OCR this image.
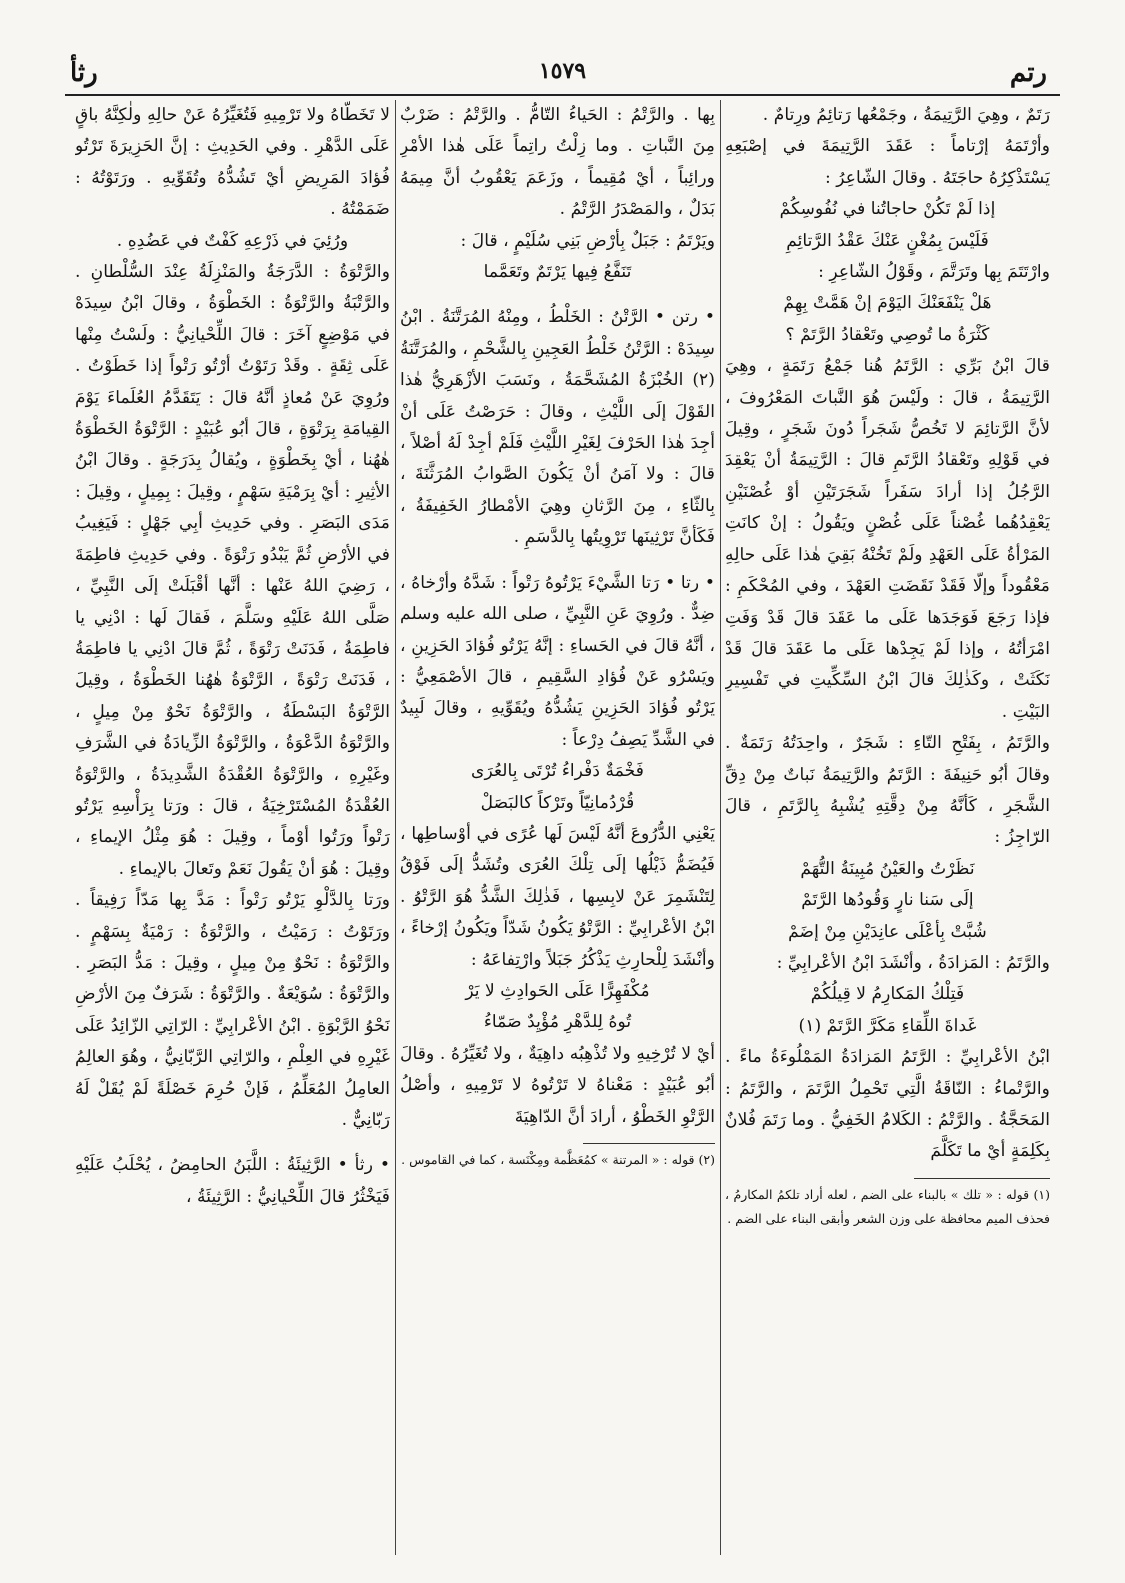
رتم
١٥٧٩
رثأ

رَتَمٌ ، وهِيَ الرَّتِيمَةُ ، وجَمْعُها رَتائِمُ ورِتامٌ .

وأرْتَمَهُ إرْتاماً : عَقَدَ الرَّتِيمَةَ في إصْبَعِهِ يَسْتَذْكِرُهُ حاجَتَهُ . وقالَ الشّاعِرُ :

إذا لَمْ تَكُنْ حاجاتُنا في نُفُوسِكُمْ

فَلَيْسَ بِمُغْنٍ عَنْكَ عَقْدُ الرَّتائِمِ

وارْتَتَمَ بِها وتَرَتَّمَ ، وقَوْلُ الشّاعِرِ :

هَلْ يَنْفَعَنْكَ اليَوْمَ إنْ هَمَّتْ بِهِمْ

كَثْرَةُ ما تُوصِي وتَعْقادُ الرَّتَمْ ؟

قالَ ابْنُ بَرِّي : الرَّتَمُ هُنا جَمْعُ رَتَمَةٍ ، وهِيَ الرَّتِيمَةُ ، قالَ : ولَيْسَ هُوَ النَّباتَ المَعْرُوفَ ، لأنَّ الرَّتائِمَ لا تَخُصُّ شَجَراً دُونَ شَجَرٍ ، وقِيلَ في قَوْلِهِ وتَعْقادُ الرَّتَمِ قالَ : الرَّتِيمَةُ أنْ يَعْقِدَ الرَّجُلُ إذا أرادَ سَفَراً شَجَرَتَيْنِ أوْ غُصْنَيْنِ يَعْقِدُهُما غُصْناً عَلَى غُصْنٍ ويَقُولُ : إنْ كانَتِ المَرْأةُ عَلَى العَهْدِ ولَمْ تَخُنْهُ بَقِيَ هٰذا عَلَى حالِهِ مَعْقُوداً وإلّا فَقَدْ نَقَضَتِ العَهْدَ ، وفي المُحْكَمِ : فإذا رَجَعَ فَوَجَدَها عَلَى ما عَقَدَ قالَ قَدْ وَفَتِ امْرَأتُهُ ، وإذا لَمْ يَجِدْها عَلَى ما عَقَدَ قالَ قَدْ نَكَثَتْ ، وكَذٰلِكَ قالَ ابْنُ السِّكِّيتِ في تَفْسِيرِ البَيْتِ .

والرَّتَمُ ، بِفَتْحِ التّاءِ : شَجَرٌ ، واحِدَتُهُ رَتَمَةٌ . وقالَ أبُو حَنِيفَةَ : الرَّتَمُ والرَّتِيمَةُ نَباتٌ مِنْ دِقِّ الشَّجَرِ ، كَأنَّهُ مِنْ دِقَّتِهِ يُشْبِهُ بِالرَّتَمِ ، قالَ الرّاجِزُ :

نَظَرْتُ والعَيْنُ مُبِينَةُ التُّهَمْ

إلَى سَنا نارٍ وَقُودُها الرَّتَمْ

شُبَّتْ بِأعْلَى عانِدَيْنِ مِنْ إضَمْ

والرَّتَمُ : المَزادَةُ ، وأنْشَدَ ابْنُ الأعْرابِيِّ :

فَتِلْكُ المَكارِمُ لا قِيلُكُمْ

غَداةَ اللِّقاءِ مَكَرَّ الرَّتَمْ (١)

ابْنُ الأعْرابِيِّ : الرَّتَمُ المَزادَةُ المَمْلُوءَةُ ماءً . والرَّتْماءُ : النّاقَةُ الَّتِي تَحْمِلُ الرَّتَمَ ، والرَّتَمُ : المَحَجَّةُ . والرَّتْمُ : الكَلامُ الخَفِيُّ . وما رَتَمَ فُلانٌ بِكَلِمَةٍ أيْ ما تَكَلَّمَ

(١) قوله : « تلك » بالبناء على الضم ، لعله أراد تلكمُ المكارمُ ، فحذف الميم محافظة على وزن الشعر وأبقى البناء على الضم .

بِها . والرَّتْمُ : الحَياءُ التّامُّ . والرَّتْمُ : ضَرْبٌ مِنَ النَّباتِ . وما زِلْتُ راتِماً عَلَى هٰذا الأمْرِ ورائِباً ، أيْ مُقِيماً ، وزَعَمَ يَعْقُوبُ أنَّ مِيمَهُ بَدَلٌ ، والمَصْدَرُ الرَّتْمُ .

ويَرْتَمُ : جَبَلٌ بِأرْضِ بَنِي سُلَيْمٍ ، قالَ :

تَنَفَّعُ فِيها يَرْتَمٌ وتَعَمَّما

• رتن • الرَّتْنُ : الخَلْطُ ، ومِنْهُ المُرَتَّنَةُ . ابْنُ سِيدَهْ : الرَّتْنُ خَلْطُ العَجِينِ بِالشَّحْمِ ، والمُرَتَّنَةُ (٢) الخُبْزَةُ المُشَحَّمَةُ ، ونَسَبَ الأزْهَرِيُّ هٰذا القَوْلَ إلَى اللَّيْثِ ، وقالَ : حَرَصْتُ عَلَى أنْ أجِدَ هٰذا الحَرْفَ لِغَيْرِ اللَّيْثِ فَلَمْ أجِدْ لَهُ أصْلاً ، قالَ : ولا آمَنُ أنْ يَكُونَ الصَّوابُ المُرَثَّنَةَ ، بِالثّاءِ ، مِنَ الرَّثانِ وهِيَ الأمْطارُ الخَفِيفَةُ ، فَكَأنَّ تَرْثِينَها تَرْوِيتُها بِالدَّسَمِ .

• رتا • رَتا الشَّيْءَ يَرْتُوهُ رَتْواً : شَدَّهُ وأرْخاهُ ، ضِدٌّ . ورُوِيَ عَنِ النَّبِيِّ ، صلى الله عليه وسلم ، أنَّهُ قالَ في الحَساءِ : إنَّهُ يَرْتُو فُؤادَ الحَزِينِ ، ويَسْرُو عَنْ فُؤادِ السَّقِيمِ ، قالَ الأصْمَعِيُّ : يَرْتُو فُؤادَ الحَزِينِ يَشُدُّهُ ويُقَوِّيهِ ، وقالَ لَبِيدٌ في الشَّدِّ يَصِفُ دِرْعاً :

فَخْمَةٌ دَفْراءُ تُرْتَى بِالعُرَى

قُرْدُمانِيّاً وتَرْكاً كالبَصَلْ

يَعْنِي الدُّرُوعَ أنَّهُ لَيْسَ لَها عُرًى في أوْساطِها ، فَيُضَمُّ ذَيْلُها إلَى تِلْكَ العُرَى وتُشَدُّ إلَى فَوْقُ لِتَنْشَمِرَ عَنْ لابِسِها ، فَذٰلِكَ الشَّدُّ هُوَ الرَّتْوُ . ابْنُ الأعْرابِيِّ : الرَّتْوُ يَكُونُ شَدّاً ويَكُونُ إرْخاءً ، وأنْشَدَ لِلْحارِثِ يَذْكُرُ جَبَلاً وارْتِفاعَهُ :

مُكْفَهِرًّا عَلَى الحَوادِثِ لا يَرْ

تُوهُ لِلدَّهْرِ مُؤْيِدٌ صَمّاءُ

أيْ لا تُرْخِيهِ ولا تُذْهِبُه داهِيَةٌ ، ولا تُغَيِّرُهُ . وقالَ أبُو عُبَيْدٍ : مَعْناهُ لا تَرْتُوهُ لا تَرْمِيهِ ، وأصْلُ الرَّتْوِ الخَطْوُ ، أرادَ أنَّ الدّاهِيَةَ

(٢) قوله : « المرتنة » كمُعَظَّمة ومِكْنَسة ، كما في القاموس .

لا تَخَطّاهُ ولا تَرْمِيهِ فَتُغَيِّرُهُ عَنْ حالِهِ ولٰكِنَّهُ باقٍ عَلَى الدَّهْرِ . وفي الحَدِيثِ : إنَّ الحَزِيرَةَ تَرْتُو فُؤادَ المَرِيضِ أيْ تَشُدُّهُ وتُقَوِّيهِ . ورَتَوْتُهُ : ضَمَمْتُهُ .

ورُئِيَ في ذَرْعِهِ كَفْتٌ في عَضُدِهِ .

والرَّتْوَةُ : الدَّرَجَةُ والمَنْزِلَةُ عِنْدَ السُّلْطانِ . والرَّتْبَةُ والرَّتْوَةُ : الخَطْوَةُ ، وقالَ ابْنُ سِيدَهْ في مَوْضِعٍ آخَرَ : قالَ اللِّحْيانِيُّ : ولَسْتُ مِنْها عَلَى ثِقَةٍ . وقَدْ رَتَوْتُ أرْتُو رَتْواً إذا خَطَوْتُ . ورُوِيَ عَنْ مُعاذٍ أنَّهُ قالَ : يَتَقَدَّمُ العُلَماءَ يَوْمَ القِيامَةِ بِرَتْوَةٍ ، قالَ أبُو عُبَيْدٍ : الرَّتْوَةُ الخَطْوَةُ هٰهُنا ، أيْ بِخَطْوَةٍ ، ويُقالُ بِدَرَجَةٍ . وقالَ ابْنُ الأثِيرِ : أيْ بِرَمْيَةِ سَهْمٍ ، وقِيلَ : بِمِيلٍ ، وقِيلَ : مَدَى البَصَرِ . وفي حَدِيثِ أبِي جَهْلٍ : فَيَغِيبُ في الأرْضِ ثُمَّ يَبْدُو رَتْوَةً . وفي حَدِيثِ فاطِمَةَ ، رَضِيَ اللهُ عَنْها : أنَّها أقْبَلَتْ إلَى النَّبِيِّ ، صَلَّى اللهُ عَلَيْهِ وسَلَّمَ ، فَقالَ لَها : ادْنِي يا فاطِمَةُ ، فَدَنَتْ رَتْوَةً ، ثُمَّ قالَ ادْنِي يا فاطِمَةُ ، فَدَنَتْ رَتْوَةً ، الرَّتْوَةُ هٰهُنا الخَطْوَةُ ، وقِيلَ الرَّتْوَةُ البَسْطَةُ ، والرَّتْوَةُ نَحْوٌ مِنْ مِيلٍ ، والرَّتْوَةُ الدَّعْوَةُ ، والرَّتْوَةُ الزِّيادَةُ في الشَّرَفِ وغَيْرِهِ ، والرَّتْوَةُ العُقْدَةُ الشَّدِيدَةُ ، والرَّتْوَةُ العُقْدَةُ المُسْتَرْخِيَةُ ، قالَ : ورَتا بِرَأْسِهِ يَرْتُو رَتْواً ورَتُوا أوْماً ، وقِيلَ : هُوَ مِثْلُ الإيماءِ ، وقِيلَ : هُوَ أنْ يَقُولَ نَعَمْ وتَعالَ بالإيماءِ .

ورَتا بِالدَّلْوِ يَرْتُو رَتْواً : مَدَّ بِها مَدّاً رَفِيقاً . ورَتَوْتُ : رَمَيْتُ ، والرَّتْوَةُ : رَمْيَةٌ بِسَهْمٍ . والرَّتْوَةُ : نَحْوٌ مِنْ مِيلٍ ، وقِيلَ : مَدُّ البَصَرِ . والرَّتْوَةُ : سُوَيْعَةٌ . والرَّتْوَةُ : شَرَفٌ مِنَ الأرْضِ نَحْوُ الرَّبْوَةِ . ابْنُ الأعْرابِيِّ : الرّاتِي الزّائِدُ عَلَى غَيْرِهِ في العِلْمِ ، والرّاتِي الرَّبّانِيُّ ، وهُوَ العالِمُ العامِلُ المُعَلِّمُ ، فَإنْ حُرِمَ خَصْلَةً لَمْ يُقَلْ لَهُ رَبّانِيٌّ .

• رثأ • الرَّثِيئَةُ : اللَّبَنُ الحامِضُ ، يُحْلَبُ عَلَيْهِ فَيَخْثُرُ قالَ اللِّحْيانِيُّ : الرَّثِيئَةُ ،
